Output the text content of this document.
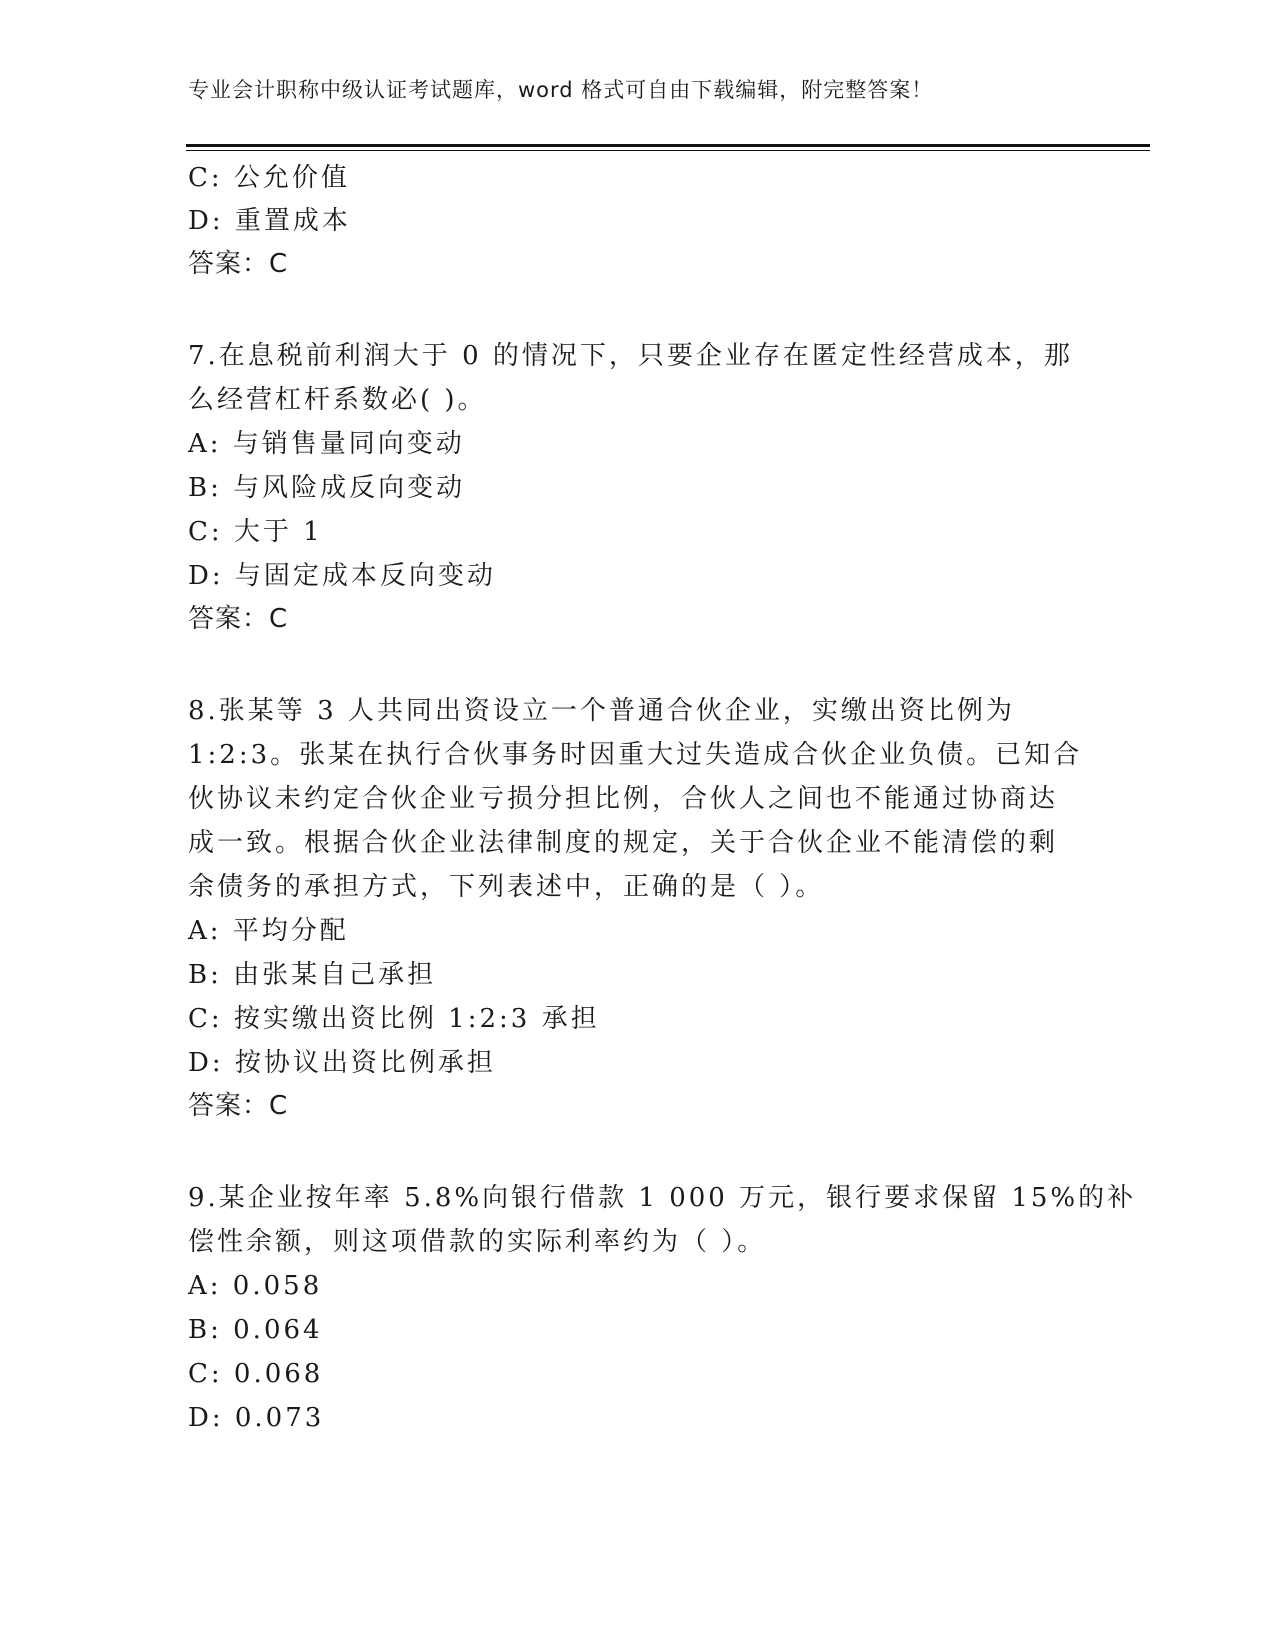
专业会计职称中级认证考试题库，word 格式可自由下载编辑，附完整答案！
C: 公允价值
D: 重置成本
答案：C
7.在息税前利润大于 0 的情况下，只要企业存在匿定性经营成本，那
么经营杠杆系数必( )。
A: 与销售量同向变动
B: 与风险成反向变动
C: 大于 1
D: 与固定成本反向变动
答案：C
8.张某等 3 人共同出资设立一个普通合伙企业，实缴出资比例为
1:2:3。张某在执行合伙事务时因重大过失造成合伙企业负债。已知合
伙协议未约定合伙企业亏损分担比例，合伙人之间也不能通过协商达
成一致。根据合伙企业法律制度的规定，关于合伙企业不能清偿的剩
余债务的承担方式，下列表述中，正确的是（ ）。
A: 平均分配
B: 由张某自己承担
C: 按实缴出资比例 1:2:3 承担
D: 按协议出资比例承担
答案：C
9.某企业按年率 5.8%向银行借款 1 000 万元，银行要求保留 15%的补
偿性余额，则这项借款的实际利率约为（ ）。
A: 0.058
B: 0.064
C: 0.068
D: 0.073
